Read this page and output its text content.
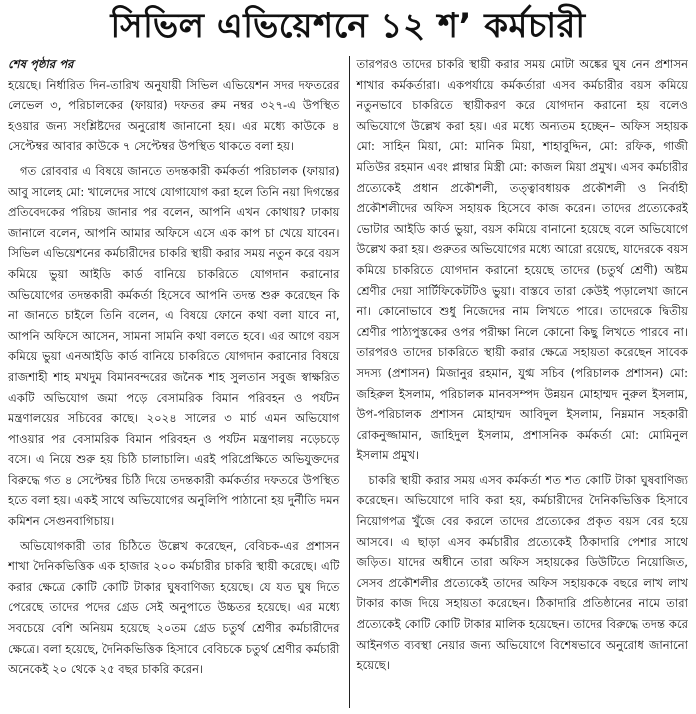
সিভিল এভিয়েশনে ১২ শ’ কর্মচারী
শেষ পৃষ্ঠার পর

হয়েছে। নির্ধারিত দিন-তারিখ অনুযায়ী সিভিল এভিয়েশন সদর দফতরের লেভেল ৩, পরিচালকের (ফায়ার) দফতর রুম নম্বর ৩২৭-এ উপস্থিত হওয়ার জন্য সংশ্লিষ্টদের অনুরোধ জানানো হয়। এর মধ্যে কাউকে ৪ সেপ্টেম্বর আবার কাউকে ৭ সেপ্টেম্বর উপস্থিত থাকতে বলা হয়।

গত রোববার এ বিষয়ে জানতে তদন্তকারী কর্মকর্তা পরিচালক (ফায়ার) আবু সালেহ মো: খালেদের সাথে যোগাযোগ করা হলে তিনি নয়া দিগন্তের প্রতিবেদকের পরিচয় জানার পর বলেন, আপনি এখন কোথায়? ঢাকায় জানালে বলেন, আপনি আমার অফিসে এসে এক কাপ চা খেয়ে যাবেন। সিভিল এভিয়েশনের কর্মচারীদের চাকরি স্থায়ী করার সময় নতুন করে বয়স কমিয়ে ভুয়া আইডি কার্ড বানিয়ে চাকরিতে যোগদান করানোর অভিযোগের তদন্তকারী কর্মকর্তা হিসেবে আপনি তদন্ত শুরু করেছেন কি না জানতে চাইলে তিনি বলেন, এ বিষয়ে ফোনে কথা বলা যাবে না, আপনি অফিসে আসেন, সামনা সামনি কথা বলতে হবে। এর আগে বয়স কমিয়ে ভুয়া এনআইডি কার্ড বানিয়ে চাকরিতে যোগদান করানোর বিষয়ে রাজশাহী শাহ মখদুম বিমানবন্দরের জনৈক শাহ সুলতান সবুজ স্বাক্ষরিত একটি অভিযোগ জমা পড়ে বেসামরিক বিমান পরিবহন ও পর্যটন মন্ত্রণালয়ের সচিবের কাছে। ২০২৪ সালের ৩ মার্চ এমন অভিযোগ পাওয়ার পর বেসামরিক বিমান পরিবহন ও পর্যটন মন্ত্রণালয় নড়েচড়ে বসে। এ নিয়ে শুরু হয় চিঠি চালাচালি। এরই পরিপ্রেক্ষিতে অভিযুক্তদের বিরুদ্ধে গত ৪ সেপ্টেম্বর চিঠি দিয়ে তদন্তকারী কর্মকর্তার দফতরে উপস্থিত হতে বলা হয়। একই সাথে অভিযোগের অনুলিপি পাঠানো হয় দুর্নীতি দমন কমিশন সেগুনবাগিচায়।

অভিযোগকারী তার চিঠিতে উল্লেখ করেছেন, বেবিচক-এর প্রশাসন শাখা দৈনিকভিত্তিক এক হাজার ২০০ কর্মচারীর চাকরি স্থায়ী করেছে। এটি করার ক্ষেত্রে কোটি কোটি টাকার ঘুষবাণিজ্য হয়েছে। যে যত ঘুষ দিতে পেরেছে তাদের পদের গ্রেড সেই অনুপাতে উচ্চতর হয়েছে। এর মধ্যে সবচেয়ে বেশি অনিয়ম হয়েছে ২০তম গ্রেড চতুর্থ শ্রেণীর কর্মচারীদের ক্ষেত্রে। বলা হয়েছে, দৈনিকভিত্তিক হিসাবে বেবিচকে চতুর্থ শ্রেণীর কর্মচারী অনেকেই ২০ থেকে ২৫ বছর চাকরি করেন।

তারপরও তাদের চাকরি স্থায়ী করার সময় মোটা অঙ্কের ঘুষ নেন প্রশাসন শাখার কর্মকর্তারা। একপর্যায়ে কর্মকর্তারা এসব কর্মচারীর বয়স কমিয়ে নতুনভাবে চাকরিতে স্থায়ীকরণ করে যোগদান করানো হয় বলেও অভিযোগে উল্লেখ করা হয়। এর মধ্যে অন্যতম হচ্ছেন– অফিস সহায়ক মো: সাহিন মিয়া, মো: মানিক মিয়া, শাহাবুদ্দিন, মো: রফিক, গাজী মতিউর রহমান এবং প্লাম্বার মিস্ত্রী মো: কাজল মিয়া প্রমুখ। এসব কর্মচারীর প্রত্যেকেই প্রধান প্রকৌশলী, তত্ত্বাবধায়ক প্রকৌশলী ও নির্বাহী প্রকৌশলীদের অফিস সহায়ক হিসেবে কাজ করেন। তাদের প্রত্যেকেরই ভোটার আইডি কার্ড ভুয়া, বয়স কমিয়ে বানানো হয়েছে বলে অভিযোগে উল্লেখ করা হয়। গুরুতর অভিযোগের মধ্যে আরো রয়েছে, যাদেরকে বয়স কমিয়ে চাকরিতে যোগদান করানো হয়েছে তাদের (চতুর্থ শ্রেণী) অষ্টম শ্রেণীর দেয়া সার্টিফিকেটটিও ভুয়া। বাস্তবে তারা কেউই পড়ালেখা জানে না। কোনোভাবে শুধু নিজেদের নাম লিখতে পারে। তাদেরকে দ্বিতীয় শ্রেণীর পাঠ্যপুস্তকের ওপর পরীক্ষা নিলে কোনো কিছু লিখতে পারবে না। তারপরও তাদের চাকরিতে স্থায়ী করার ক্ষেত্রে সহায়তা করেছেন সাবেক সদস্য (প্রশাসন) মিজানুর রহমান, যুগ্ম সচিব (পরিচালক প্রশাসন) মো: জহিরুল ইসলাম, পরিচালক মানবসম্পদ উন্নয়ন মোহাম্মদ নুরুল ইসলাম, উপ-পরিচালক প্রশাসন মোহাম্মদ আবিদুল ইসলাম, নিম্নমান সহকারী রোকনুজ্জামান, জাহিদুল ইসলাম, প্রশাসনিক কর্মকর্তা মো: মোমিনুল ইসলাম প্রমুখ।

চাকরি স্থায়ী করার সময় এসব কর্মকর্তা শত শত কোটি টাকা ঘুষবাণিজ্য করেছেন। অভিযোগে দাবি করা হয়, কর্মচারীদের দৈনিকভিত্তিক হিসাবে নিয়োগপত্র খুঁজে বের করলে তাদের প্রত্যেকের প্রকৃত বয়স বের হয়ে আসবে। এ ছাড়া এসব কর্মচারীর প্রত্যেকেই ঠিকাদারি পেশার সাথে জড়িত। যাদের অধীনে তারা অফিস সহায়কের ডিউটিতে নিয়োজিত, সেসব প্রকৌশলীর প্রত্যেকেই তাদের অফিস সহায়ককে বছরে লাখ লাখ টাকার কাজ দিয়ে সহায়তা করেছেন। ঠিকাদারি প্রতিষ্ঠানের নামে তারা প্রত্যেকেই কোটি কোটি টাকার মালিক হয়েছেন। তাদের বিরুদ্ধে তদন্ত করে আইনগত ব্যবস্থা নেয়ার জন্য অভিযোগে বিশেষভাবে অনুরোধ জানানো হয়েছে।
